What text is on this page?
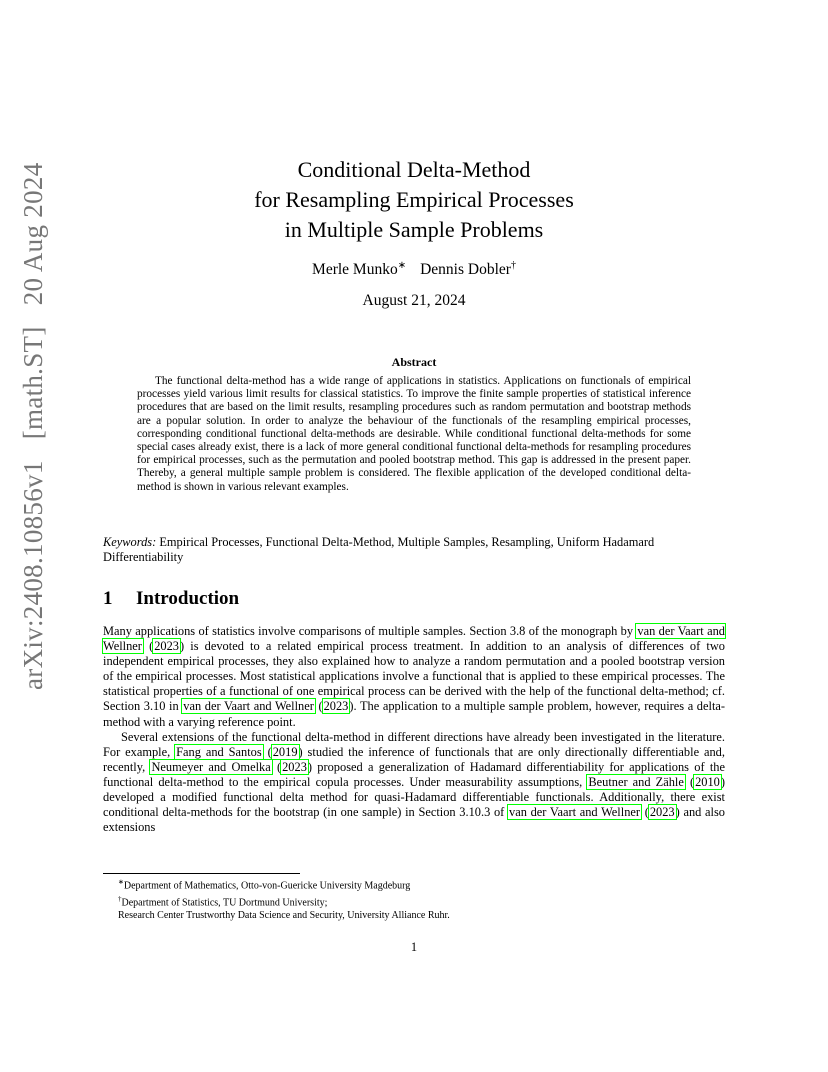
arXiv:2408.10856v1 [math.ST] 20 Aug 2024	Conditional Delta-Method
for Resampling Empirical Processes
in Multiple Sample Problems
Merle Munko∗ Dennis Dobler†
August 21, 2024
Abstract
The functional delta-method has a wide range of applications in statistics. Applications on functionals of empirical processes yield various limit results for classical statistics. To improve the finite sample properties of statistical inference procedures that are based on the limit results, resampling procedures such as random permutation and bootstrap methods are a popular solution. In order to analyze the behaviour of the functionals of the resampling empirical processes, corresponding conditional functional delta-methods are desirable. While conditional functional delta-methods for some special cases already exist, there is a lack of more general conditional functional delta-methods for resampling procedures for empirical processes, such as the permutation and pooled bootstrap method. This gap is addressed in the present paper. Thereby, a general multiple sample problem is considered. The flexible application of the developed conditional delta-method is shown in various relevant examples.
Keywords: Empirical Processes, Functional Delta-Method, Multiple Samples, Resampling, Uniform Hadamard Differentiability
1 Introduction

Many applications of statistics involve comparisons of multiple samples. Section 3.8 of the monograph by van der Vaart and Wellner (2023) is devoted to a related empirical process treatment. In addition to an analysis of differences of two independent empirical processes, they also explained how to analyze a random permutation and a pooled bootstrap version of the empirical processes. Most statistical applications involve a functional that is applied to these empirical processes. The statistical properties of a functional of one empirical process can be derived with the help of the functional delta-method; cf. Section 3.10 in van der Vaart and Wellner (2023). The application to a multiple sample problem, however, requires a delta-method with a varying reference point.

Several extensions of the functional delta-method in different directions have already been investigated in the literature. For example, Fang and Santos (2019) studied the inference of functionals that are only directionally differentiable and, recently, Neumeyer and Omelka (2023) proposed a generalization of Hadamard differentiability for applications of the functional delta-method to the empirical copula processes. Under measurability assumptions, Beutner and Zähle (2010) developed a modified functional delta method for quasi-Hadamard differentiable functionals. Additionally, there exist conditional delta-methods for the bootstrap (in one sample) in Section 3.10.3 of van der Vaart and Wellner (2023) and also extensions

∗Department of Mathematics, Otto-von-Guericke University Magdeburg
†Department of Statistics, TU Dortmund University;
Research Center Trustworthy Data Science and Security, University Alliance Ruhr.
1
